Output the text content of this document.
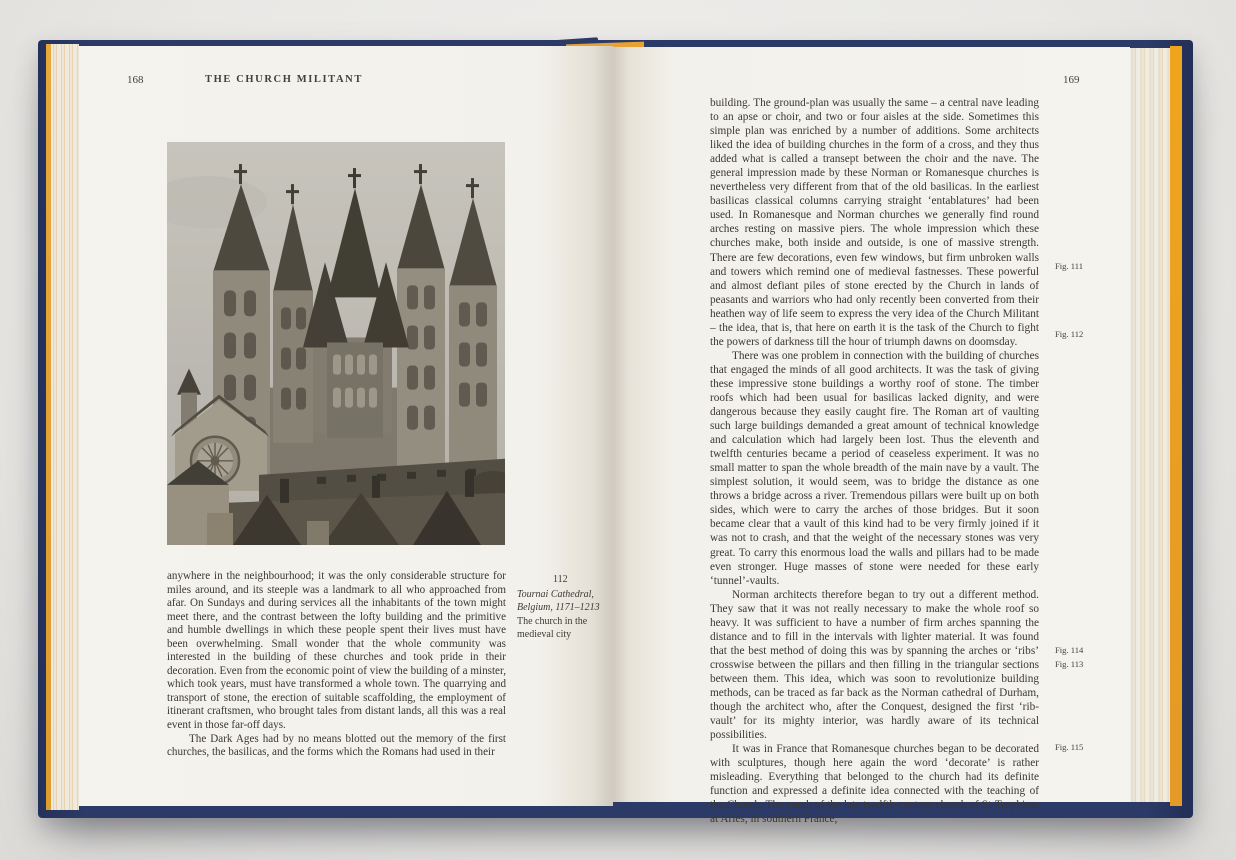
168	THE CHURCH MILITANT
112
Tournai Cathedral,
Belgium, 1171–1213
The church in the
medieval city

anywhere in the neighbourhood; it was the only considerable structure for miles around, and its steeple was a landmark to all who approached from afar. On Sundays and during services all the inhabitants of the town might meet there, and the contrast between the lofty building and the primitive and humble dwellings in which these people spent their lives must have been overwhelming. Small wonder that the whole community was interested in the building of these churches and took pride in their decoration. Even from the economic point of view the building of a minster, which took years, must have transformed a whole town. The quarrying and transport of stone, the erection of suitable scaffolding, the employment of itinerant craftsmen, who brought tales from distant lands, all this was a real event in those far-off days.

The Dark Ages had by no means blotted out the memory of the first churches, the basilicas, and the forms which the Romans had used in their

169

building. The ground-plan was usually the same – a central nave leading to an apse or choir, and two or four aisles at the side. Sometimes this simple plan was enriched by a number of additions. Some architects liked the idea of building churches in the form of a cross, and they thus added what is called a transept between the choir and the nave. The general impression made by these Norman or Romanesque churches is nevertheless very different from that of the old basilicas. In the earliest basilicas classical columns carrying straight ‘entablatures’ had been used. In Romanesque and Norman churches we generally find round arches resting on massive piers. The whole impression which these churches make, both inside and outside, is one of massive strength. There are few decorations, even few windows, but firm unbroken walls and towers which remind one of medieval fastnesses. These powerful and almost defiant piles of stone erected by the Church in lands of peasants and warriors who had only recently been converted from their heathen way of life seem to express the very idea of the Church Militant – the idea, that is, that here on earth it is the task of the Church to fight the powers of darkness till the hour of triumph dawns on doomsday.

There was one problem in connection with the building of churches that engaged the minds of all good architects. It was the task of giving these impressive stone buildings a worthy roof of stone. The timber roofs which had been usual for basilicas lacked dignity, and were dangerous because they easily caught fire. The Roman art of vaulting such large buildings demanded a great amount of technical knowledge and calculation which had largely been lost. Thus the eleventh and twelfth centuries became a period of ceaseless experiment. It was no small matter to span the whole breadth of the main nave by a vault. The simplest solution, it would seem, was to bridge the distance as one throws a bridge across a river. Tremendous pillars were built up on both sides, which were to carry the arches of those bridges. But it soon became clear that a vault of this kind had to be very firmly joined if it was not to crash, and that the weight of the necessary stones was very great. To carry this enormous load the walls and pillars had to be made even stronger. Huge masses of stone were needed for these early ‘tunnel’-vaults.

Norman architects therefore began to try out a different method. They saw that it was not really necessary to make the whole roof so heavy. It was sufficient to have a number of firm arches spanning the distance and to fill in the intervals with lighter material. It was found that the best method of doing this was by spanning the arches or ‘ribs’ crosswise between the pillars and then filling in the triangular sections between them. This idea, which was soon to revolutionize building methods, can be traced as far back as the Norman cathedral of Durham, though the architect who, after the Conquest, designed the first ‘rib-vault’ for its mighty interior, was hardly aware of its technical possibilities.

It was in France that Romanesque churches began to be decorated with sculptures, though here again the word ‘decorate’ is rather misleading. Everything that belonged to the church had its definite function and expressed a definite idea connected with the teaching of the Church. The porch of the late twelfth-century church of St-Trophime at Arles, in southern France,

Fig. 111
Fig. 112
Fig. 114
Fig. 113
Fig. 115
